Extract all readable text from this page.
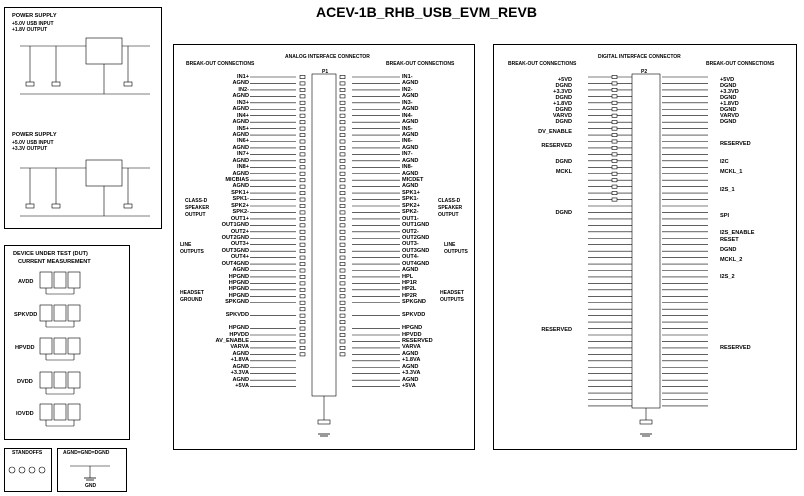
ACEV-1B_RHB_USB_EVM_REVB
POWER SUPPLY
+5.0V USB INPUT
+1.8V OUTPUT
POWER SUPPLY
+5.0V USB INPUT
+3.3V OUTPUT
DEVICE UNDER TEST (DUT)
CURRENT MEASUREMENT
AVDD
SPKVDD
HPVDD
DVDD
IOVDD
STANDOFFS	AGND=GND=DGND
GND
BREAK-OUT CONNECTIONS
ANALOG INTERFACE CONNECTOR
BREAK-OUT CONNECTIONS
P1
IN1+
AGND
IN2-
AGND
IN3+
AGND
IN4+
AGND
IN5+
AGND
IN6+
AGND
IN7+
AGND
IN8+
AGND
MICBIAS
AGND
SPK1+
SPK1-
SPK2+
SPK2-
OUT1+
OUT1GND
OUT2+
OUT2GND
OUT3+
OUT3GND
OUT4+
OUT4GND
AGND
HPGND
HPGND
HPGND
HPGND
SPKGND
SPKVDD
HPGND
HPVDD
AV_ENABLE
VARVA
AGND
+1.8VA
AGND
+3.3VA
AGND
+5VA
IN1-
AGND
IN2-
AGND
IN3-
AGND
IN4-
AGND
IN5-
AGND
IN6-
AGND
IN7-
AGND
IN8-
AGND
MICDET
AGND
SPK1+
SPK1-
SPK2+
SPK2-
OUT1-
OUT1GND
OUT2-
OUT2GND
OUT3-
OUT3GND
OUT4-
OUT4GND
AGND
HPL
HP1R
HP2L
HP2R
SPKGND
SPKVDD
HPGND
HPVDD
RESERVED
VARVA
AGND
+1.8VA
AGND
+3.3VA
AGND
+5VA
CLASS-D
SPEAKER
OUTPUT
LINE
OUTPUTS
HEADSET
GROUND
CLASS-D
SPEAKER
OUTPUT
LINE
OUTPUTS
HEADSET
OUTPUTS
BREAK-OUT CONNECTIONS
DIGITAL INTERFACE CONNECTOR
BREAK-OUT CONNECTIONS
P2
+5VD
DGND
+3.3VD
DGND
+1.8VD
DGND
VARVD
DGND
DV_ENABLE
RESERVED
DGND
MCKL
DGND
RESERVED
+5VD
DGND
+3.3VD
DGND
+1.8VD
DGND
VARVD
DGND
RESERVED
I2C
MCKL_1
I2S_1
SPI
I2S_ENABLE
RESET
DGND
MCKL_2
I2S_2
RESERVED
